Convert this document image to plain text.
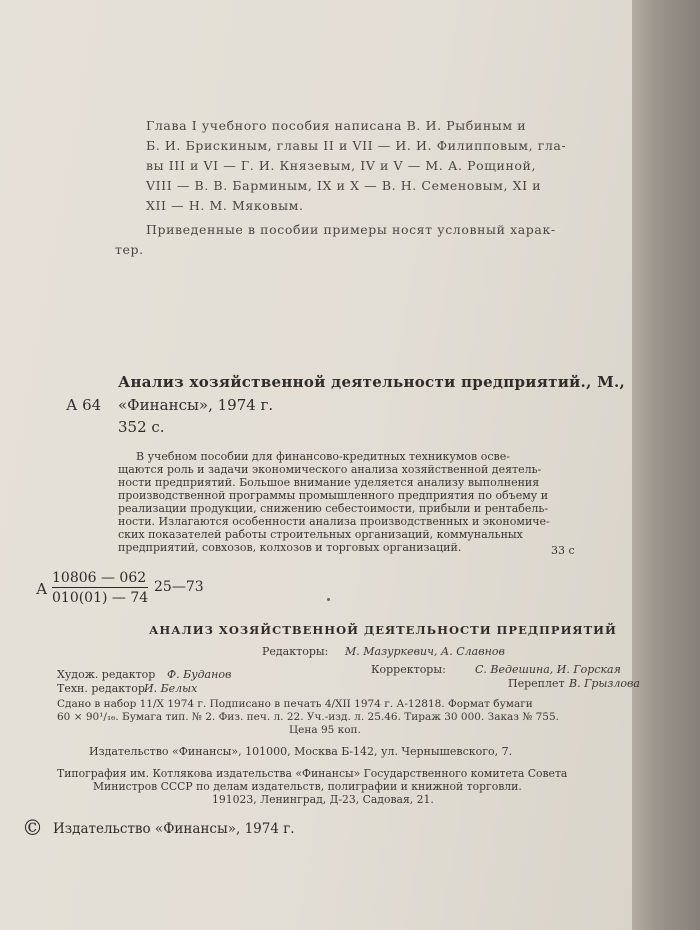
Глава I учебного пособия написана В. И. Рыбиным и
Б. И. Брискиным, главы II и VII — И. И. Филипповым, гла-
вы III и VI — Г. И. Князевым, IV и V — М. А. Рощиной,
VIII — В. В. Барминым, IX и X — В. Н. Семеновым, XI и
XII — Н. М. Мяковым.
Приведенные в пособии примеры носят условный харак-
тер.
Анализ хозяйственной деятельности предприятий., М.,
А 64 «Финансы», 1974 г.
352 с.
В учебном пособии для финансово-кредитных техникумов осве-
щаются роль и задачи экономического анализа хозяйственной деятель-
ности предприятий. Большое внимание уделяется анализу выполнения
производственной программы промышленного предприятия по объему и
реализации продукции, снижению себестоимости, прибыли и рентабель-
ности. Излагаются особенности анализа производственных и экономиче-
ских показателей работы строительных организаций, коммунальных
предприятий, совхозов, колхозов и торговых организаций.	33 с
А
$\frac{10806 — 062}{010(01) — 74}$
25—73
АНАЛИЗ ХОЗЯЙСТВЕННОЙ ДЕЯТЕЛЬНОСТИ ПРЕДПРИЯТИЙ
Редакторы: М. Мазуркевич, А. Славнов
Худож. редактор Ф. Буданов	Корректоры:	С. Ведешина, И. Горская
Техн. редактор И. Белых	Переплет В. Грызлова
Сдано в набор 11/X 1974 г. Подписано в печать 4/XII 1974 г. А-12818. Формат бумаги
60 × 90¹/₁₆. Бумага тип. № 2. Физ. печ. л. 22. Уч.-изд. л. 25.46. Тираж 30 000. Заказ № 755.
Цена 95 коп.
Издательство «Финансы», 101000, Москва Б-142, ул. Чернышевского, 7.
Типография им. Котлякова издательства «Финансы» Государственного комитета Совета
Министров СССР по делам издательств, полиграфии и книжной торговли.
191023, Ленинград, Д-23, Садовая, 21.
© Издательство «Финансы», 1974 г.
